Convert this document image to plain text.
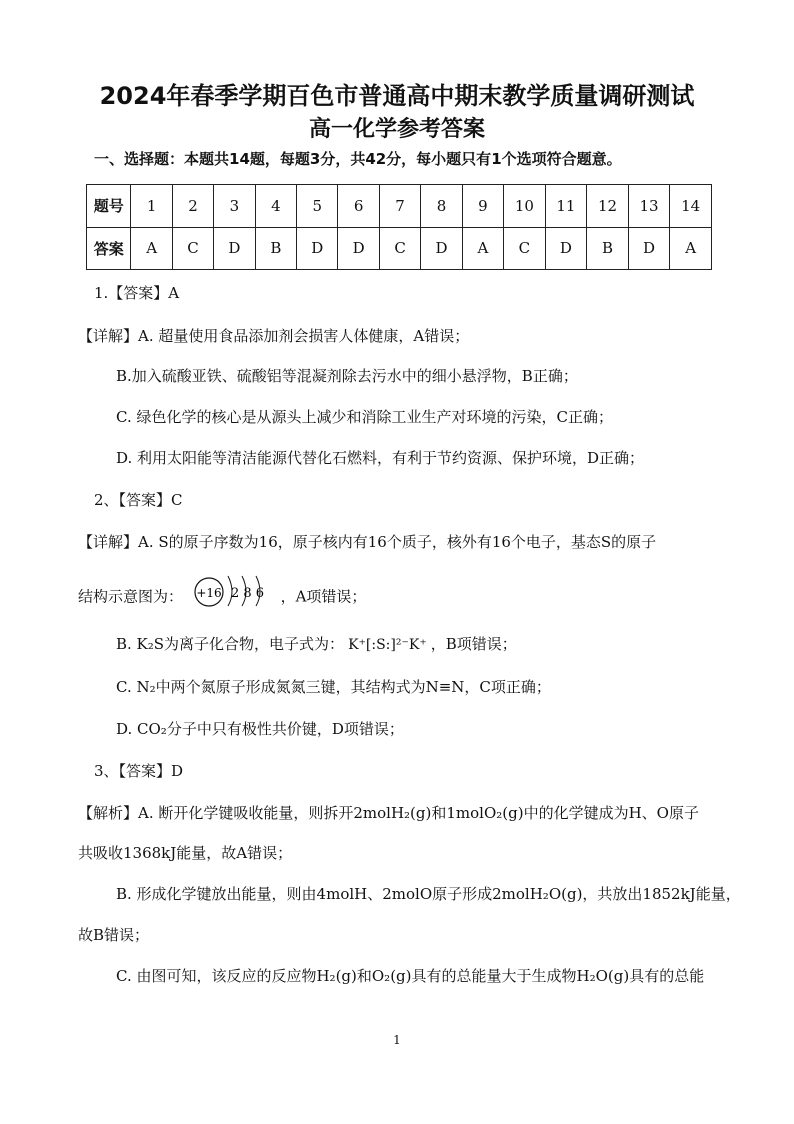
2024年春季学期百色市普通高中期末教学质量调研测试
高一化学参考答案
一、选择题：本题共14题，每题3分，共42分，每小题只有1个选项符合题意。
题号	1	2	3	4	5	6	7	8	9	10	11	12	13	14
答案	A	C	D	B	D	D	C	D	A	C	D	B	D	A
1.【答案】A
【详解】A. 超量使用食品添加剂会损害人体健康，A错误；
B.加入硫酸亚铁、硫酸铝等混凝剂除去污水中的细小悬浮物，B正确；
C. 绿色化学的核心是从源头上减少和消除工业生产对环境的污染，C正确；
D. 利用太阳能等清洁能源代替化石燃料，有利于节约资源、保护环境，D正确；
2、【答案】C
【详解】A. S的原子序数为16，原子核内有16个质子，核外有16个电子，基态S的原子
结构示意图为： +16 2 8 6 ，A项错误；
B. K₂S为离子化合物，电子式为： K⁺[:S:]²⁻K⁺ ，B项错误；
C. N₂中两个氮原子形成氮氮三键，其结构式为N≡N，C项正确；
D. CO₂分子中只有极性共价键，D项错误；
3、【答案】D
【解析】A. 断开化学键吸收能量，则拆开2molH₂(g)和1molO₂(g)中的化学键成为H、O原子
共吸收1368kJ能量，故A错误；
B. 形成化学键放出能量，则由4molH、2molO原子形成2molH₂O(g)，共放出1852kJ能量，
故B错误；
C. 由图可知，该反应的反应物H₂(g)和O₂(g)具有的总能量大于生成物H₂O(g)具有的总能
1
